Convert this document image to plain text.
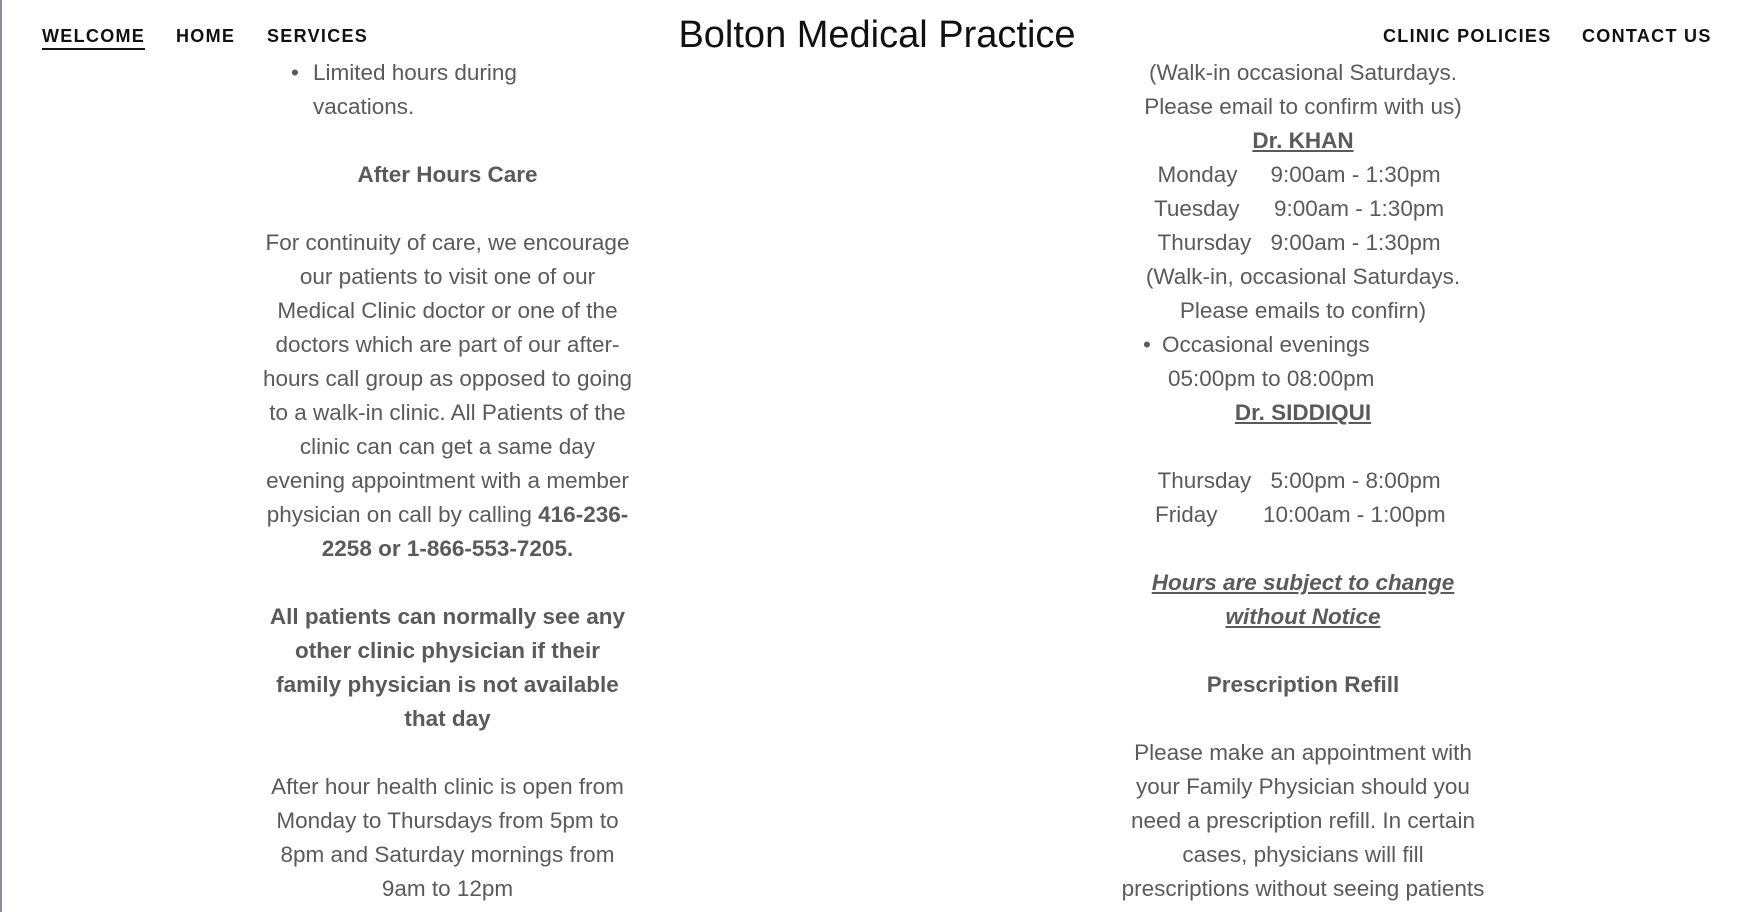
• Limited hours during

vacations.

After Hours Care

For continuity of care, we encourage

our patients to visit one of our

Medical Clinic doctor or one of the

doctors which are part of our after-

hours call group as opposed to going

to a walk-in clinic. All Patients of the

clinic can can get a same day

evening appointment with a member

physician on call by calling 416-236-

2258 or 1-866-553-7205.

All patients can normally see any

other clinic physician if their

family physician is not available

that day

After hour health clinic is open from

Monday to Thursdays from 5pm to

8pm and Saturday mornings from

9am to 12pm

(Walk-in occasional Saturdays.

Please email to confirm with us)

Dr. KHAN

Monday	9:00am - 1:30pm
Tuesday	9:00am - 1:30pm
Thursday 9:00am - 1:30pm

(Walk-in, occasional Saturdays.

Please emails to confirn)

• Occasional evenings

05:00pm to 08:00pm

Dr. SIDDIQUI

Thursday 5:00pm - 8:00pm
Friday	10:00am - 1:00pm

Hours are subject to change

without Notice

Prescription Refill

Please make an appointment with

your Family Physician should you

need a prescription refill. In certain

cases, physicians will fill

prescriptions without seeing patients

WELCOME HOME SERVICES	Bolton Medical Practice	CLINIC POLICIES CONTACT US
